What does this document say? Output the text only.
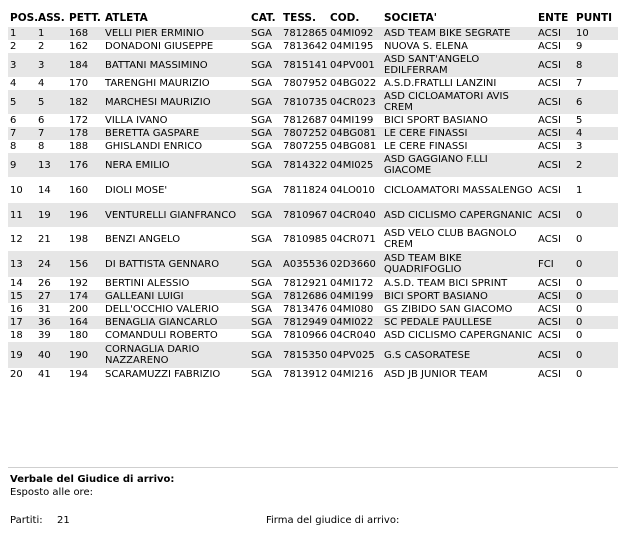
POS.	ASS.	PETT.	ATLETA	CAT.	TESS.	COD.	SOCIETA'	ENTE	PUNTI
1	1	168	VELLI PIER ERMINIO	SGA	7812865	04MI092	ASD TEAM BIKE SEGRATE	ACSI	10
2	2	162	DONADONI GIUSEPPE	SGA	7813642	04MI195	NUOVA S. ELENA	ACSI	9
3	3	184	BATTANI MASSIMINO	SGA	7815141	04PV001	ASD SANT'ANGELO EDILFERRAM	ACSI	8
4	4	170	TARENGHI MAURIZIO	SGA	7807952	04BG022	A.S.D.FRATLLI LANZINI	ACSI	7
5	5	182	MARCHESI MAURIZIO	SGA	7810735	04CR023	ASD CICLOAMATORI AVIS CREM	ACSI	6
6	6	172	VILLA IVANO	SGA	7812687	04MI199	BICI SPORT BASIANO	ACSI	5
7	7	178	BERETTA GASPARE	SGA	7807252	04BG081	LE CERE FINASSI	ACSI	4
8	8	188	GHISLANDI ENRICO	SGA	7807255	04BG081	LE CERE FINASSI	ACSI	3
9	13	176	NERA EMILIO	SGA	7814322	04MI025	ASD GAGGIANO F.LLI GIACOME	ACSI	2
10	14	160	DIOLI MOSE'	SGA	7811824	04LO010	CICLOAMATORI MASSALENGO	ACSI	1
11	19	196	VENTURELLI GIANFRANCO	SGA	7810967	04CR040	ASD CICLISMO CAPERGNANIC	ACSI	0
12	21	198	BENZI ANGELO	SGA	7810985	04CR071	ASD VELO CLUB BAGNOLO CREM	ACSI	0
13	24	156	DI BATTISTA GENNARO	SGA	A035536	02D3660	ASD TEAM BIKE QUADRIFOGLIO	FCI	0
14	26	192	BERTINI ALESSIO	SGA	7812921	04MI172	A.S.D. TEAM BICI SPRINT	ACSI	0
15	27	174	GALLEANI LUIGI	SGA	7812686	04MI199	BICI SPORT BASIANO	ACSI	0
16	31	200	DELL'OCCHIO VALERIO	SGA	7813476	04MI080	GS ZIBIDO SAN GIACOMO	ACSI	0
17	36	164	BENAGLIA GIANCARLO	SGA	7812949	04MI022	SC PEDALE PAULLESE	ACSI	0
18	39	180	COMANDULI ROBERTO	SGA	7810966	04CR040	ASD CICLISMO CAPERGNANIC	ACSI	0
19	40	190	CORNAGLIA DARIO NAZZARENO	SGA	7815350	04PV025	G.S CASORATESE	ACSI	0
20	41	194	SCARAMUZZI FABRIZIO	SGA	7813912	04MI216	ASD JB JUNIOR TEAM	ACSI	0
Verbale del Giudice di arrivo:
Esposto alle ore:
Partiti: 21	Firma del giudice di arrivo:
